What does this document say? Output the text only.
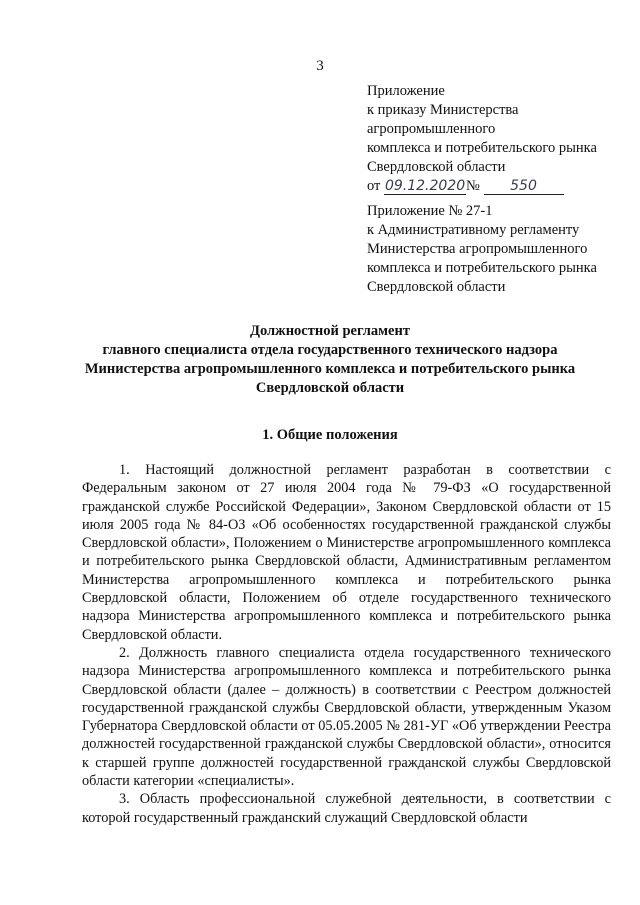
3
Приложение
к приказу Министерства
агропромышленного
комплекса и потребительского рынка
Свердловской области
от 09.12.2020№ 550
Приложение № 27-1
к Административному регламенту
Министерства агропромышленного
комплекса и потребительского рынка
Свердловской области
Должностной регламент
главного специалиста отдела государственного технического надзора
Министерства агропромышленного комплекса и потребительского рынка
Свердловской области
1. Общие положения

1. Настоящий должностной регламент разработан в соответствии с Федеральным законом от 27 июля 2004 года № 79-ФЗ «О государственной гражданской службе Российской Федерации», Законом Свердловской области от 15 июля 2005 года № 84-ОЗ «Об особенностях государственной гражданской службы Свердловской области», Положением о Министерстве агропромышленного комплекса и потребительского рынка Свердловской области, Административным регламентом Министерства агропромышленного комплекса и потребительского рынка Свердловской области, Положением об отделе государственного технического надзора Министерства агропромышленного комплекса и потребительского рынка Свердловской области.

2. Должность главного специалиста отдела государственного технического надзора Министерства агропромышленного комплекса и потребительского рынка Свердловской области (далее – должность) в соответствии с Реестром должностей государственной гражданской службы Свердловской области, утвержденным Указом Губернатора Свердловской области от 05.05.2005 № 281-УГ «Об утверждении Реестра должностей государственной гражданской службы Свердловской области», относится к старшей группе должностей государственной гражданской службы Свердловской области категории «специалисты».

3. Область профессиональной служебной деятельности, в соответствии с которой государственный гражданский служащий Свердловской области
